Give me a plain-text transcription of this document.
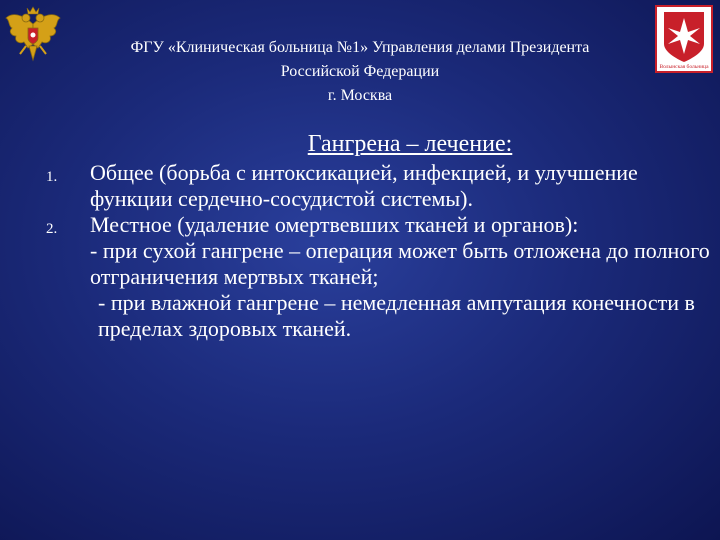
Волынская больница
ФГУ «Клиническая больница №1» Управления делами Президента
Российской Федерации
г. Москва
Гангрена – лечение:
1. Общее (борьба с интоксикацией, инфекцией, и улучшение функции сердечно-сосудистой системы).
2. Местное (удаление омертвевших тканей и органов):
- при сухой гангрене – операция может быть отложена до полного отграничения мертвых тканей;
- при влажной гангрене – немедленная ампутация конечности в пределах здоровых тканей.
